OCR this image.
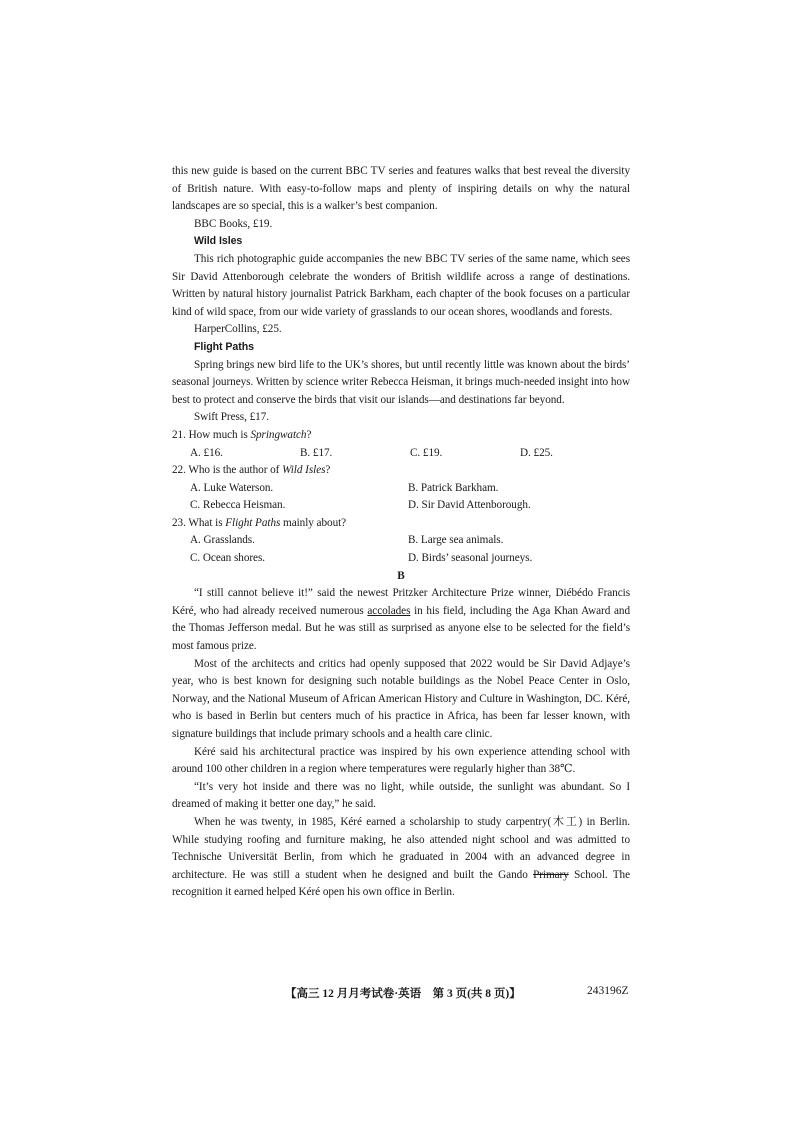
this new guide is based on the current BBC TV series and features walks that best reveal the diversity of British nature. With easy-to-follow maps and plenty of inspiring details on why the natural landscapes are so special, this is a walker’s best companion.

BBC Books, £19.

Wild Isles

This rich photographic guide accompanies the new BBC TV series of the same name, which sees Sir David Attenborough celebrate the wonders of British wildlife across a range of destinations. Written by natural history journalist Patrick Barkham, each chapter of the book focuses on a particular kind of wild space, from our wide variety of grasslands to our ocean shores, woodlands and forests.

HarperCollins, £25.

Flight Paths

Spring brings new bird life to the UK’s shores, but until recently little was known about the birds’ seasonal journeys. Written by science writer Rebecca Heisman, it brings much-needed insight into how best to protect and conserve the birds that visit our islands—and destinations far beyond.

Swift Press, £17.

21. How much is Springwatch?

A. £16.	B. £17.	C. £19.	D. £25.

22. Who is the author of Wild Isles?

A. Luke Waterson.	B. Patrick Barkham.
C. Rebecca Heisman.	D. Sir David Attenborough.

23. What is Flight Paths mainly about?

A. Grasslands.	B. Large sea animals.
C. Ocean shores.	D. Birds’ seasonal journeys.

B

“I still cannot believe it!” said the newest Pritzker Architecture Prize winner, Diébédo Francis Kéré, who had already received numerous accolades in his field, including the Aga Khan Award and the Thomas Jefferson medal. But he was still as surprised as anyone else to be selected for the field’s most famous prize.

Most of the architects and critics had openly supposed that 2022 would be Sir David Adjaye’s year, who is best known for designing such notable buildings as the Nobel Peace Center in Oslo, Norway, and the National Museum of African American History and Culture in Washington, DC. Kéré, who is based in Berlin but centers much of his practice in Africa, has been far lesser known, with signature buildings that include primary schools and a health care clinic.

Kéré said his architectural practice was inspired by his own experience attending school with around 100 other children in a region where temperatures were regularly higher than 38℃.

“It’s very hot inside and there was no light, while outside, the sunlight was abundant. So I dreamed of making it better one day,” he said.

When he was twenty, in 1985, Kéré earned a scholarship to study carpentry(木工) in Berlin. While studying roofing and furniture making, he also attended night school and was admitted to Technische Universität Berlin, from which he graduated in 2004 with an advanced degree in architecture. He was still a student when he designed and built the Gando Primary School. The recognition it earned helped Kéré open his own office in Berlin.

【高三 12 月月考试卷·英语　第 3 页(共 8 页)】	243196Z
